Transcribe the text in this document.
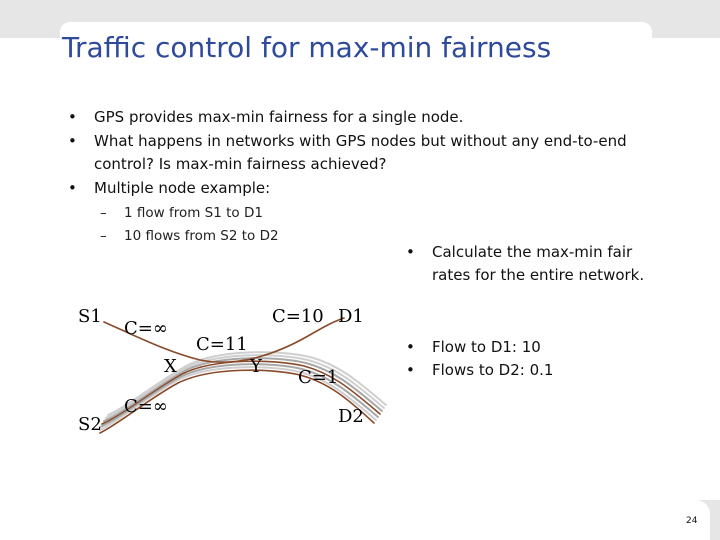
Traffic control for max-min fairness
• GPS provides max-min fairness for a single node.
• What happens in networks with GPS nodes but without any end-to-end control? Is max-min fairness achieved?
• Multiple node example:
– 1 flow from S1 to D1
– 10 flows from S2 to D2
• Calculate the max-min fair rates for the entire network.
• Flow to D1: 10
• Flows to D2: 0.1
S1
S2
X	Y
D1
D2
C=∞
C=∞
C=11
C=10
C=1
24
